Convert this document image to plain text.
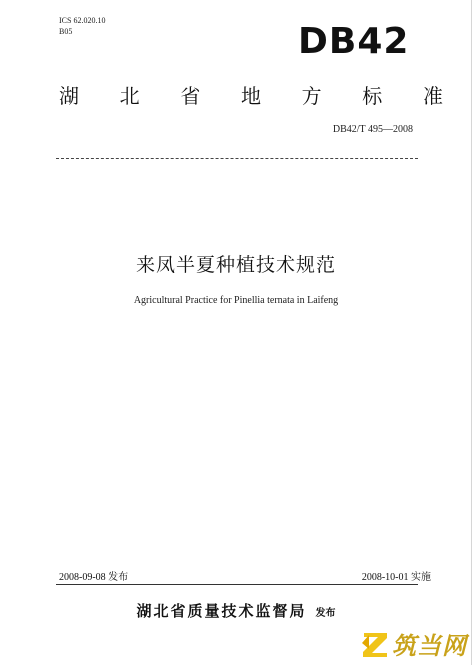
ICS 62.020.10
B05	DB42
湖 北 省 地 方 标 准
DB42/T 495—2008
来凤半夏种植技术规范
Agricultural Practice for Pinellia ternata in Laifeng
2008-09-08 发布	2008-10-01 实施
湖北省质量技术监督局 发布
筑当网
